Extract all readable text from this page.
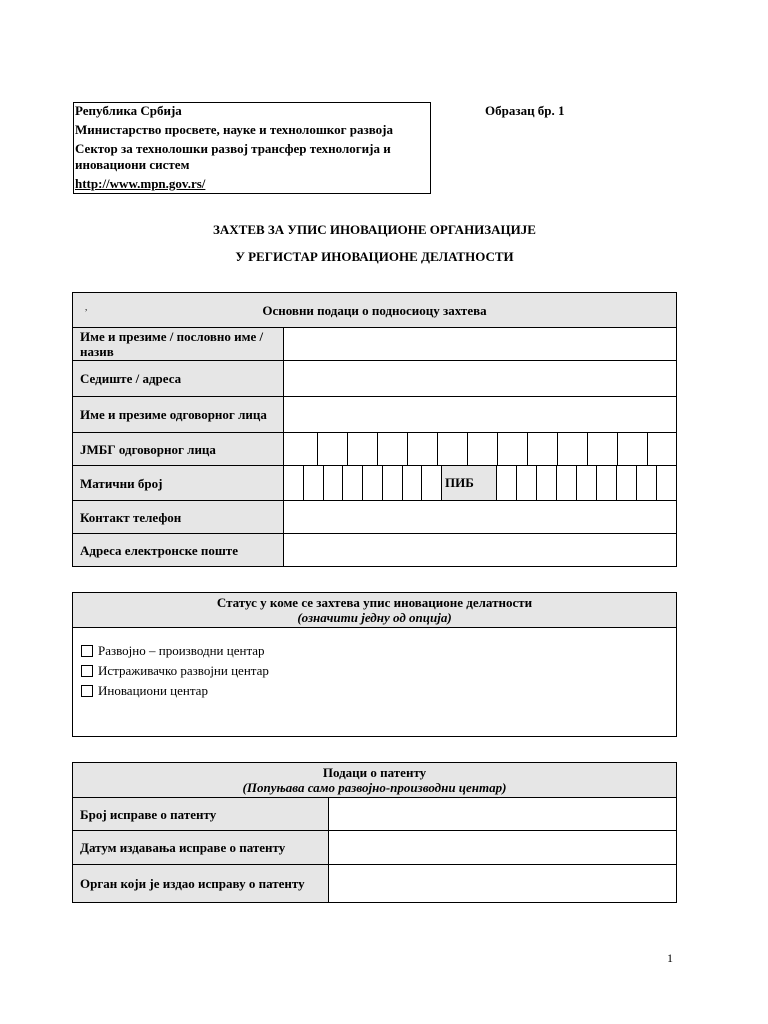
Република Србија

Министарство просвете, науке и технолошког развоја

Сектор за технолошки развој трансфер технологија и иновациони систем

http://www.mpn.gov.rs/

Образац бр. 1
ЗАХТЕВ ЗА УПИС ИНОВАЦИОНЕ ОРГАНИЗАЦИЈЕ
У РЕГИСТАР ИНОВАЦИОНЕ ДЕЛАТНОСТИ
,	Основни подаци о подносиоцу захтева
Име и презиме / пословно име / назив
Седиште / адреса
Име и презиме одговорног лица
ЈМБГ одговорног лица
Матични број	ПИБ
Контакт телефон
Адреса електронске поште
Статус у коме се захтева упис иновационе делатности
(означити једну од опција)
Развојно – производни центар
Истраживачко развојни центар
Иновациони центар
Подаци о патенту
(Попуњава само развојно-производни центар)
Број исправе о патенту
Датум издавања исправе о патенту
Орган који је издао исправу о патенту
1
